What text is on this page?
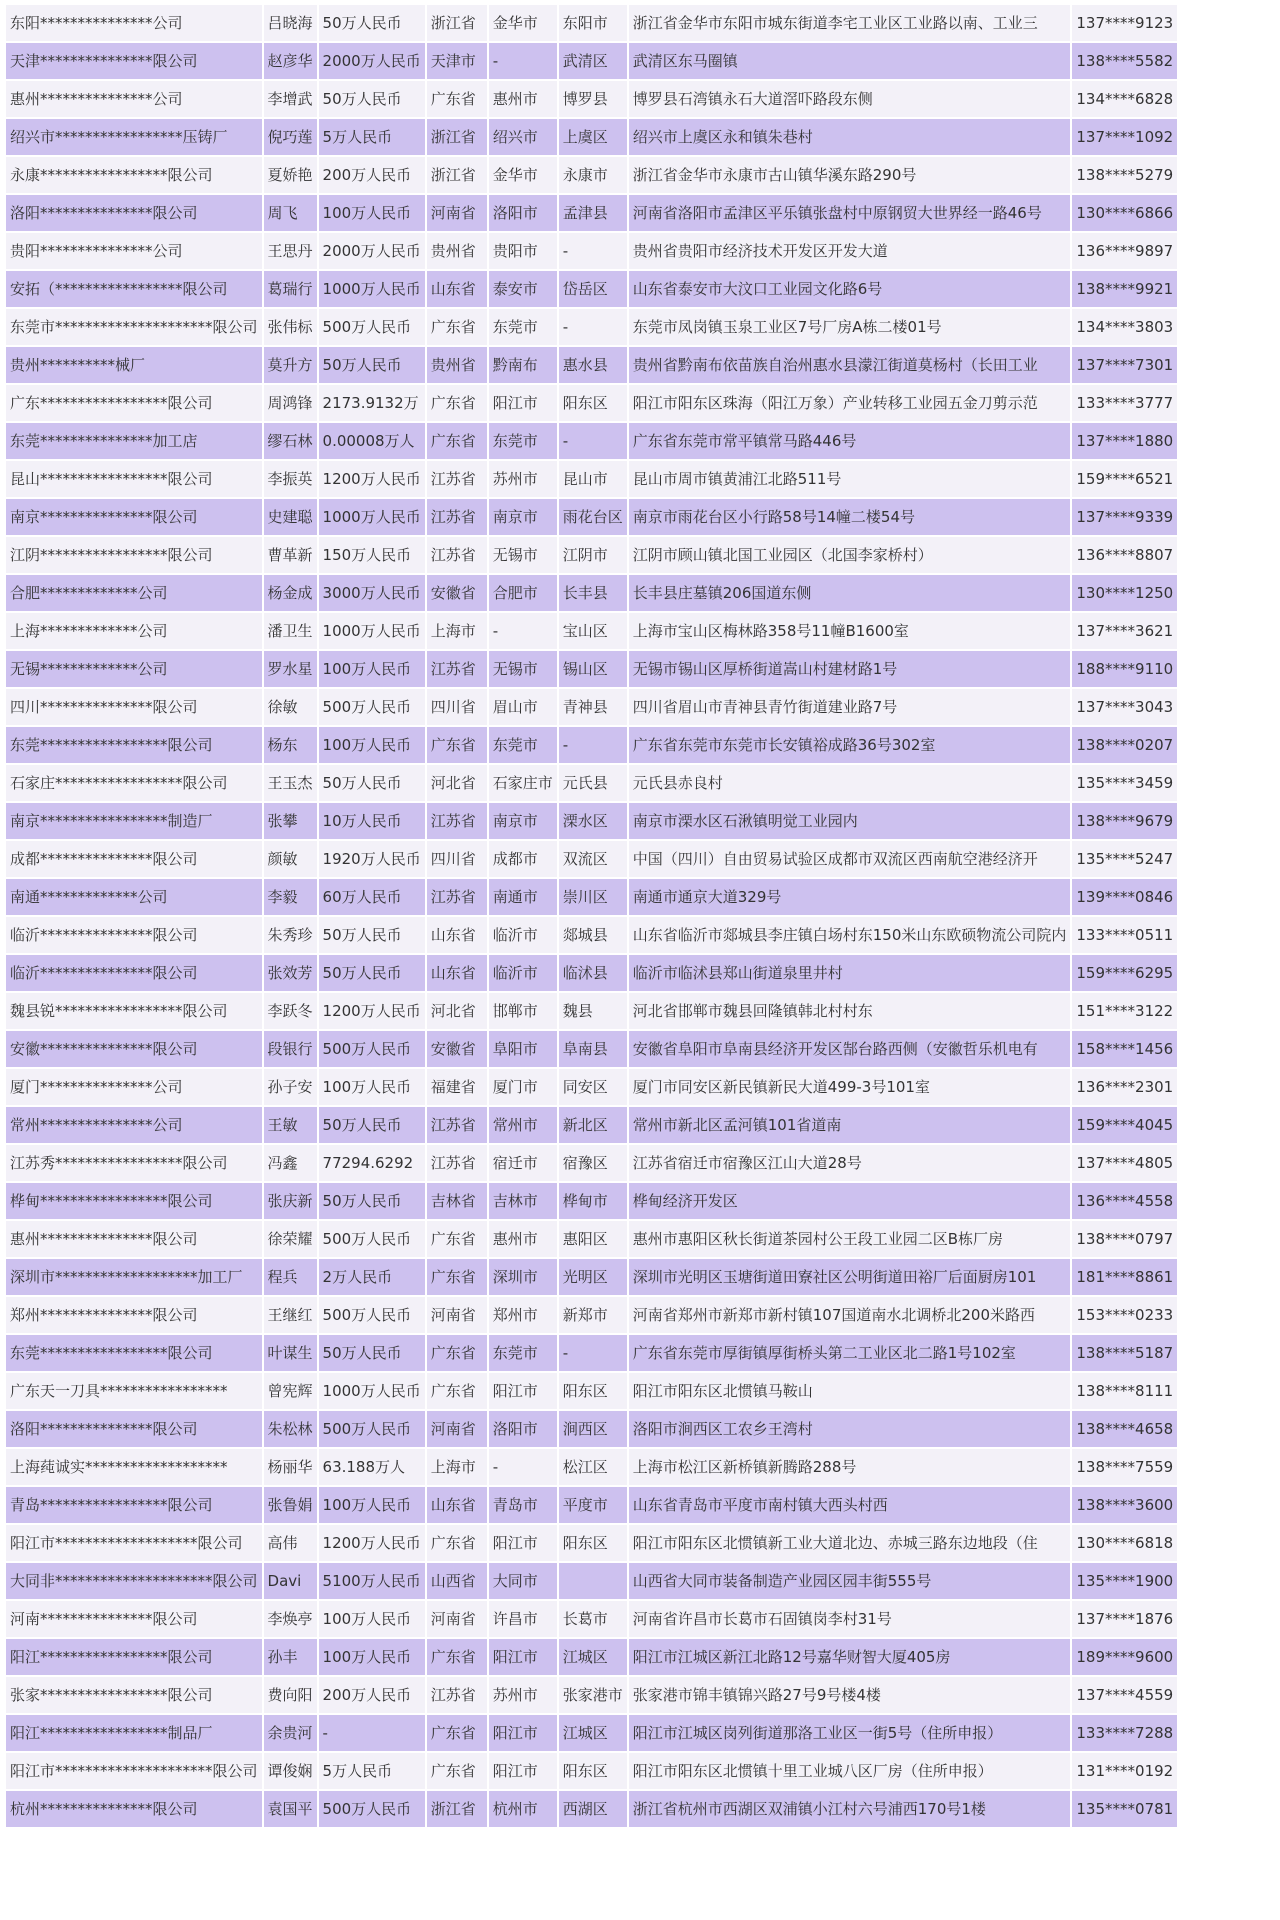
东阳***************公司	吕晓海	50万人民币	浙江省	金华市	东阳市	浙江省金华市东阳市城东街道李宅工业区工业路以南、工业三	137****9123
天津***************限公司	赵彦华	2000万人民币	天津市	-	武清区	武清区东马圈镇	138****5582
惠州***************公司	李增武	50万人民币	广东省	惠州市	博罗县	博罗县石湾镇永石大道滘吓路段东侧	134****6828
绍兴市*****************压铸厂	倪巧莲	5万人民币	浙江省	绍兴市	上虞区	绍兴市上虞区永和镇朱巷村	137****1092
永康*****************限公司	夏娇艳	200万人民币	浙江省	金华市	永康市	浙江省金华市永康市古山镇华溪东路290号	138****5279
洛阳***************限公司	周飞	100万人民币	河南省	洛阳市	孟津县	河南省洛阳市孟津区平乐镇张盘村中原钢贸大世界经一路46号	130****6866
贵阳***************公司	王思丹	2000万人民币	贵州省	贵阳市	-	贵州省贵阳市经济技术开发区开发大道	136****9897
安拓（*****************限公司	葛瑞行	1000万人民币	山东省	泰安市	岱岳区	山东省泰安市大汶口工业园文化路6号	138****9921
东莞市*********************限公司	张伟标	500万人民币	广东省	东莞市	-	东莞市凤岗镇玉泉工业区7号厂房A栋二楼01号	134****3803
贵州**********械厂	莫升方	50万人民币	贵州省	黔南布	惠水县	贵州省黔南布依苗族自治州惠水县濛江街道莫杨村（长田工业	137****7301
广东*****************限公司	周鸿锋	2173.9132万	广东省	阳江市	阳东区	阳江市阳东区珠海（阳江万象）产业转移工业园五金刀剪示范	133****3777
东莞***************加工店	缪石林	0.00008万人	广东省	东莞市	-	广东省东莞市常平镇常马路446号	137****1880
昆山*****************限公司	李振英	1200万人民币	江苏省	苏州市	昆山市	昆山市周市镇黄浦江北路511号	159****6521
南京***************限公司	史建聪	1000万人民币	江苏省	南京市	雨花台区	南京市雨花台区小行路58号14幢二楼54号	137****9339
江阴*****************限公司	曹革新	150万人民币	江苏省	无锡市	江阴市	江阴市顾山镇北国工业园区（北国李家桥村）	136****8807
合肥*************公司	杨金成	3000万人民币	安徽省	合肥市	长丰县	长丰县庄墓镇206国道东侧	130****1250
上海*************公司	潘卫生	1000万人民币	上海市	-	宝山区	上海市宝山区梅林路358号11幢B1600室	137****3621
无锡*************公司	罗水星	100万人民币	江苏省	无锡市	锡山区	无锡市锡山区厚桥街道嵩山村建材路1号	188****9110
四川***************限公司	徐敏	500万人民币	四川省	眉山市	青神县	四川省眉山市青神县青竹街道建业路7号	137****3043
东莞*****************限公司	杨东	100万人民币	广东省	东莞市	-	广东省东莞市东莞市长安镇裕成路36号302室	138****0207
石家庄*****************限公司	王玉杰	50万人民币	河北省	石家庄市	元氏县	元氏县赤良村	135****3459
南京*****************制造厂	张攀	10万人民币	江苏省	南京市	溧水区	南京市溧水区石湫镇明觉工业园内	138****9679
成都***************限公司	颜敏	1920万人民币	四川省	成都市	双流区	中国（四川）自由贸易试验区成都市双流区西南航空港经济开	135****5247
南通*************公司	李毅	60万人民币	江苏省	南通市	崇川区	南通市通京大道329号	139****0846
临沂***************限公司	朱秀珍	50万人民币	山东省	临沂市	郯城县	山东省临沂市郯城县李庄镇白场村东150米山东欧硕物流公司院内	133****0511
临沂***************限公司	张效芳	50万人民币	山东省	临沂市	临沭县	临沂市临沭县郑山街道泉里井村	159****6295
魏县锐*****************限公司	李跃冬	1200万人民币	河北省	邯郸市	魏县	河北省邯郸市魏县回隆镇韩北村村东	151****3122
安徽***************限公司	段银行	500万人民币	安徽省	阜阳市	阜南县	安徽省阜阳市阜南县经济开发区郜台路西侧（安徽哲乐机电有	158****1456
厦门***************公司	孙子安	100万人民币	福建省	厦门市	同安区	厦门市同安区新民镇新民大道499-3号101室	136****2301
常州***************公司	王敏	50万人民币	江苏省	常州市	新北区	常州市新北区孟河镇101省道南	159****4045
江苏秀*****************限公司	冯鑫	77294.6292	江苏省	宿迁市	宿豫区	江苏省宿迁市宿豫区江山大道28号	137****4805
桦甸*****************限公司	张庆新	50万人民币	吉林省	吉林市	桦甸市	桦甸经济开发区	136****4558
惠州***************限公司	徐荣耀	500万人民币	广东省	惠州市	惠阳区	惠州市惠阳区秋长街道茶园村公王段工业园二区B栋厂房	138****0797
深圳市*******************加工厂	程兵	2万人民币	广东省	深圳市	光明区	深圳市光明区玉塘街道田寮社区公明街道田裕厂后面厨房101	181****8861
郑州***************限公司	王继红	500万人民币	河南省	郑州市	新郑市	河南省郑州市新郑市新村镇107国道南水北调桥北200米路西	153****0233
东莞*****************限公司	叶谋生	50万人民币	广东省	东莞市	-	广东省东莞市厚街镇厚街桥头第二工业区北二路1号102室	138****5187
广东天一刀具*****************	曾宪辉	1000万人民币	广东省	阳江市	阳东区	阳江市阳东区北惯镇马鞍山	138****8111
洛阳***************限公司	朱松林	500万人民币	河南省	洛阳市	涧西区	洛阳市涧西区工农乡王湾村	138****4658
上海莼诚实*******************	杨丽华	63.188万人	上海市	-	松江区	上海市松江区新桥镇新腾路288号	138****7559
青岛*****************限公司	张鲁娟	100万人民币	山东省	青岛市	平度市	山东省青岛市平度市南村镇大西头村西	138****3600
阳江市*******************限公司	高伟	1200万人民币	广东省	阳江市	阳东区	阳江市阳东区北惯镇新工业大道北边、赤城三路东边地段（住	130****6818
大同非*********************限公司	Davi	5100万人民币	山西省	大同市		山西省大同市装备制造产业园区园丰街555号	135****1900
河南***************限公司	李焕亭	100万人民币	河南省	许昌市	长葛市	河南省许昌市长葛市石固镇岗李村31号	137****1876
阳江*****************限公司	孙丰	100万人民币	广东省	阳江市	江城区	阳江市江城区新江北路12号嘉华财智大厦405房	189****9600
张家*****************限公司	费向阳	200万人民币	江苏省	苏州市	张家港市	张家港市锦丰镇锦兴路27号9号楼4楼	137****4559
阳江*****************制品厂	余贵河	-	广东省	阳江市	江城区	阳江市江城区岗列街道那洛工业区一街5号（住所申报）	133****7288
阳江市*********************限公司	谭俊娴	5万人民币	广东省	阳江市	阳东区	阳江市阳东区北惯镇十里工业城八区厂房（住所申报）	131****0192
杭州***************限公司	袁国平	500万人民币	浙江省	杭州市	西湖区	浙江省杭州市西湖区双浦镇小江村六号浦西170号1楼	135****0781
